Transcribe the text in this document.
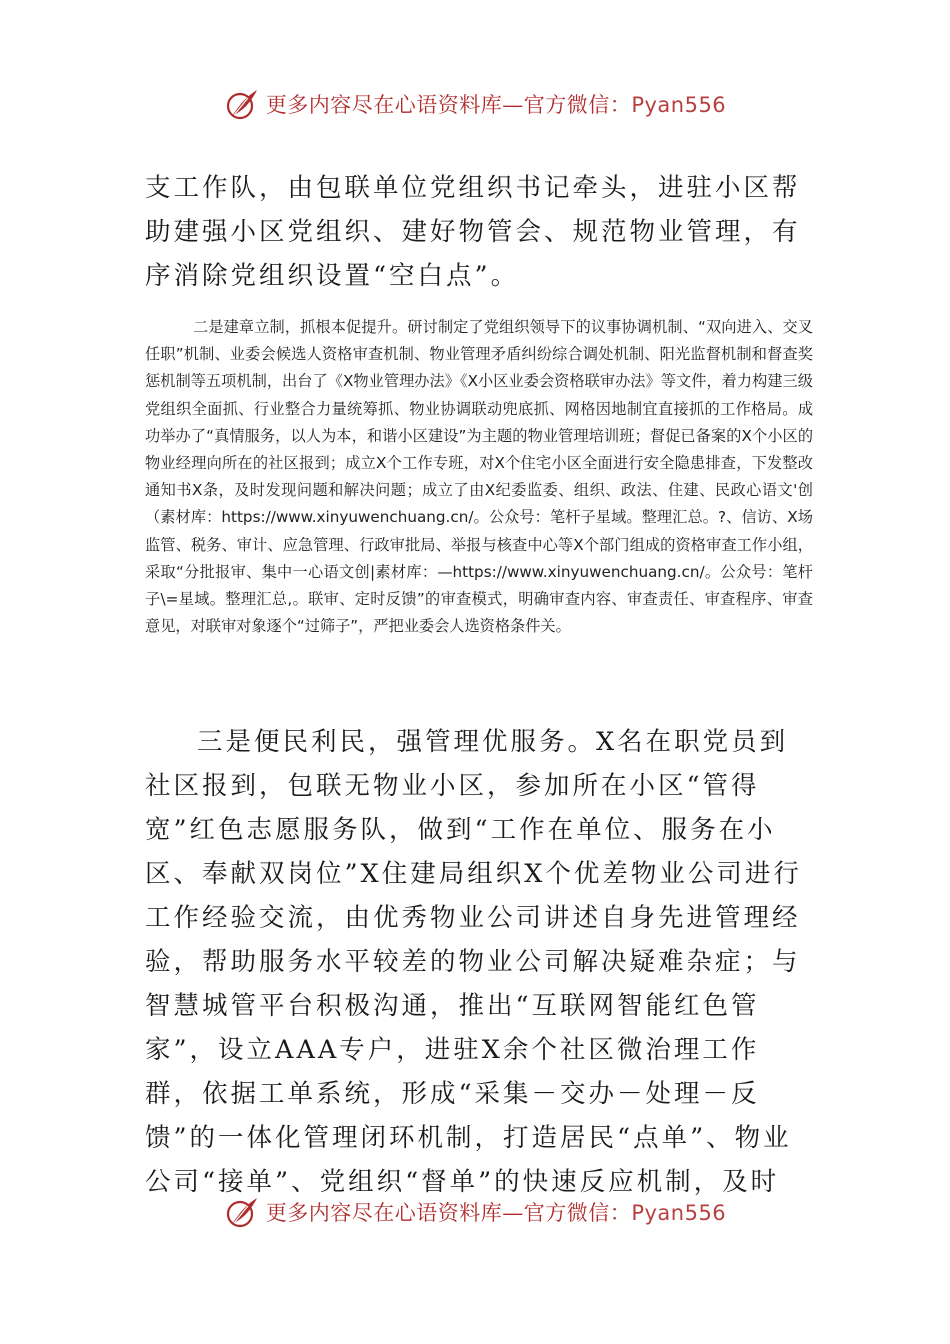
更多内容尽在心语资料库—官方微信：Pyan556

支工作队，由包联单位党组织书记牵头，进驻小区帮助建强小区党组织、建好物管会、规范物业管理，有序消除党组织设置“空白点”。

二是建章立制，抓根本促提升。研讨制定了党组织领导下的议事协调机制、“双向进入、交叉任职”机制、业委会候选人资格审查机制、物业管理矛盾纠纷综合调处机制、阳光监督机制和督查奖惩机制等五项机制，出台了《X物业管理办法》《X小区业委会资格联审办法》等文件，着力构建三级党组织全面抓、行业整合力量统筹抓、物业协调联动兜底抓、网格因地制宜直接抓的工作格局。成功举办了“真情服务，以人为本，和谐小区建设”为主题的物业管理培训班；督促已备案的X个小区的物业经理向所在的社区报到；成立X个工作专班，对X个住宅小区全面进行安全隐患排查，下发整改通知书X条，及时发现问题和解决问题；成立了由X纪委监委、组织、政法、住建、民政心语文'创（素材库：https://www.xinyuwenchuang.cn/。公众号：笔杆子星域。整理汇总。?、信访、X场监管、税务、审计、应急管理、行政审批局、举报与核查中心等X个部门组成的资格审查工作小组，采取“分批报审、集中一心语文创|素材库：—https://www.xinyuwenchuang.cn/。公众号：笔杆子\=星域。整理汇总,。联审、定时反馈”的审查模式，明确审查内容、审查责任、审查程序、审查意见，对联审对象逐个“过筛子”，严把业委会人选资格条件关。

三是便民利民，强管理优服务。X名在职党员到社区报到，包联无物业小区，参加所在小区“管得宽”红色志愿服务队，做到“工作在单位、服务在小区、奉献双岗位”X住建局组织X个优差物业公司进行工作经验交流，由优秀物业公司讲述自身先进管理经验，帮助服务水平较差的物业公司解决疑难杂症；与智慧城管平台积极沟通，推出“互联网智能红色管家”，设立AAA专户，进驻X余个社区微治理工作群，依据工单系统，形成“采集－交办－处理－反馈”的一体化管理闭环机制，打造居民“点单”、物业公司“接单”、党组织“督单”的快速反应机制，及时

更多内容尽在心语资料库—官方微信：Pyan556
